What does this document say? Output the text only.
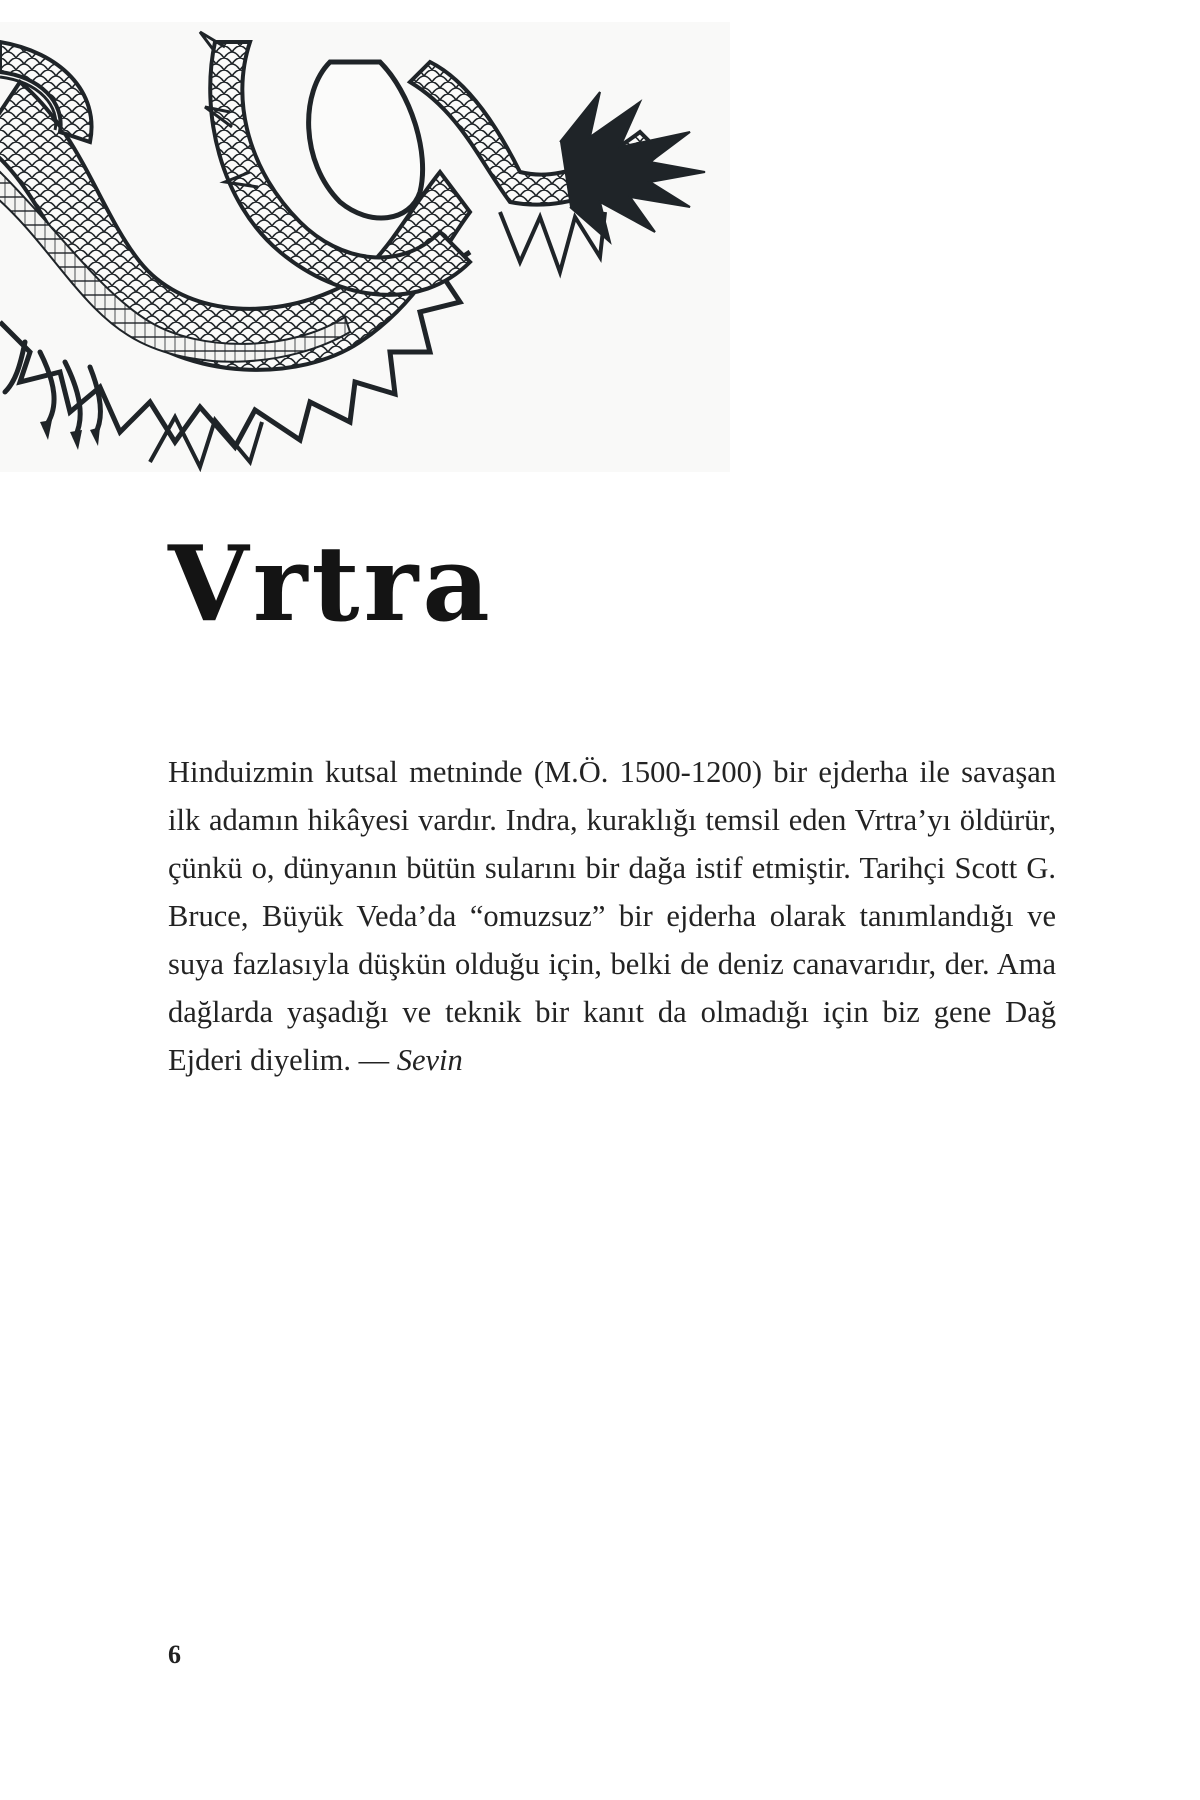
Vrtra

Hinduizmin kutsal metninde (M.Ö. 1500-1200) bir ejderha ile savaşan ilk adamın hikâyesi vardır. Indra, kuraklığı temsil eden Vrtra’yı öldürür, çünkü o, dünyanın bütün sularını bir dağa istif etmiştir. Tarihçi Scott G. Bruce, Büyük Veda’da “omuzsuz” bir ejderha olarak tanımlandığı ve suya fazlasıyla düşkün olduğu için, belki de deniz canavarıdır, der. Ama dağlarda yaşadığı ve teknik bir kanıt da olmadığı için biz gene Dağ Ejderi diyelim. — Sevin

6
